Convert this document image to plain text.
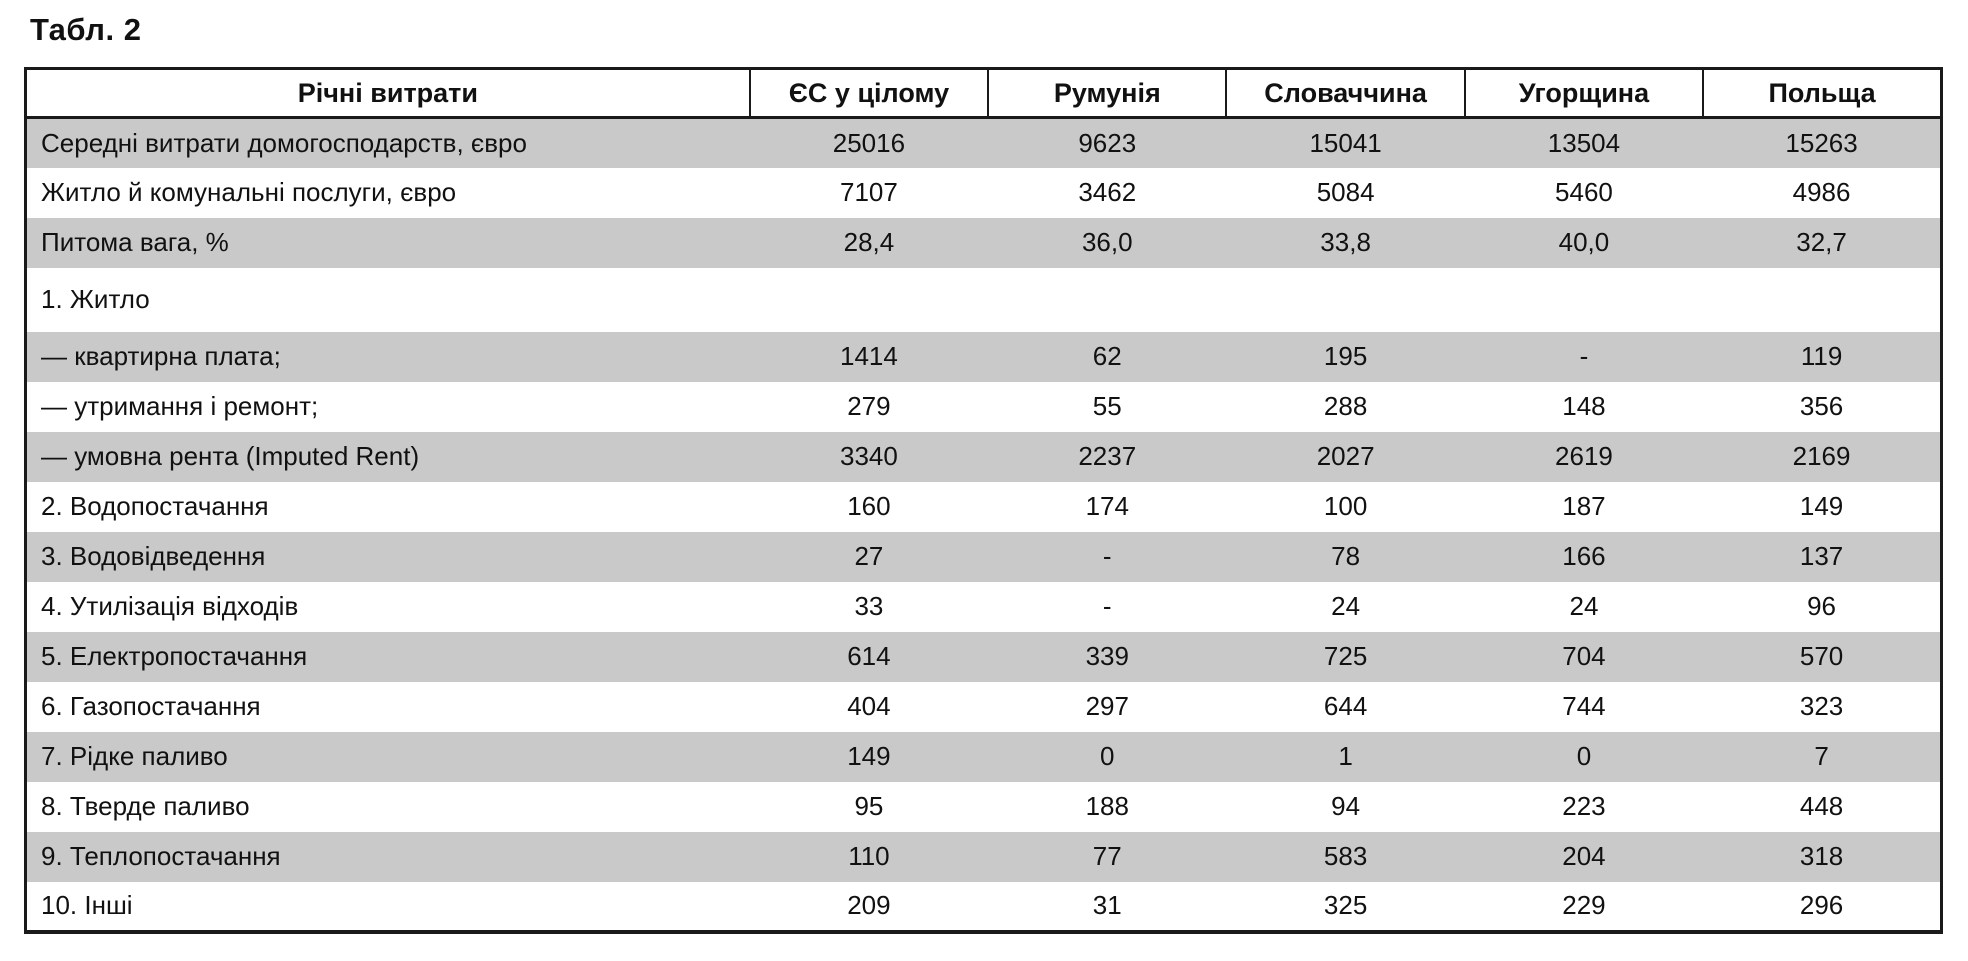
Табл. 2
Річні витрати	ЄС у цілому	Румунія	Словаччина	Угорщина	Польща
Середні витрати домогосподарств, євро	25016	9623	15041	13504	15263
Житло й комунальні послуги, євро	7107	3462	5084	5460	4986
Питома вага, %	28,4	36,0	33,8	40,0	32,7
1. Житло					
— квартирна плата;	1414	62	195	-	119
— утримання і ремонт;	279	55	288	148	356
— умовна рента (Imputed Rent)	3340	2237	2027	2619	2169
2. Водопостачання	160	174	100	187	149
3. Водовідведення	27	-	78	166	137
4. Утилізація відходів	33	-	24	24	96
5. Електропостачання	614	339	725	704	570
6. Газопостачання	404	297	644	744	323
7. Рідке паливо	149	0	1	0	7
8. Тверде паливо	95	188	94	223	448
9. Теплопостачання	110	77	583	204	318
10. Інші	209	31	325	229	296
